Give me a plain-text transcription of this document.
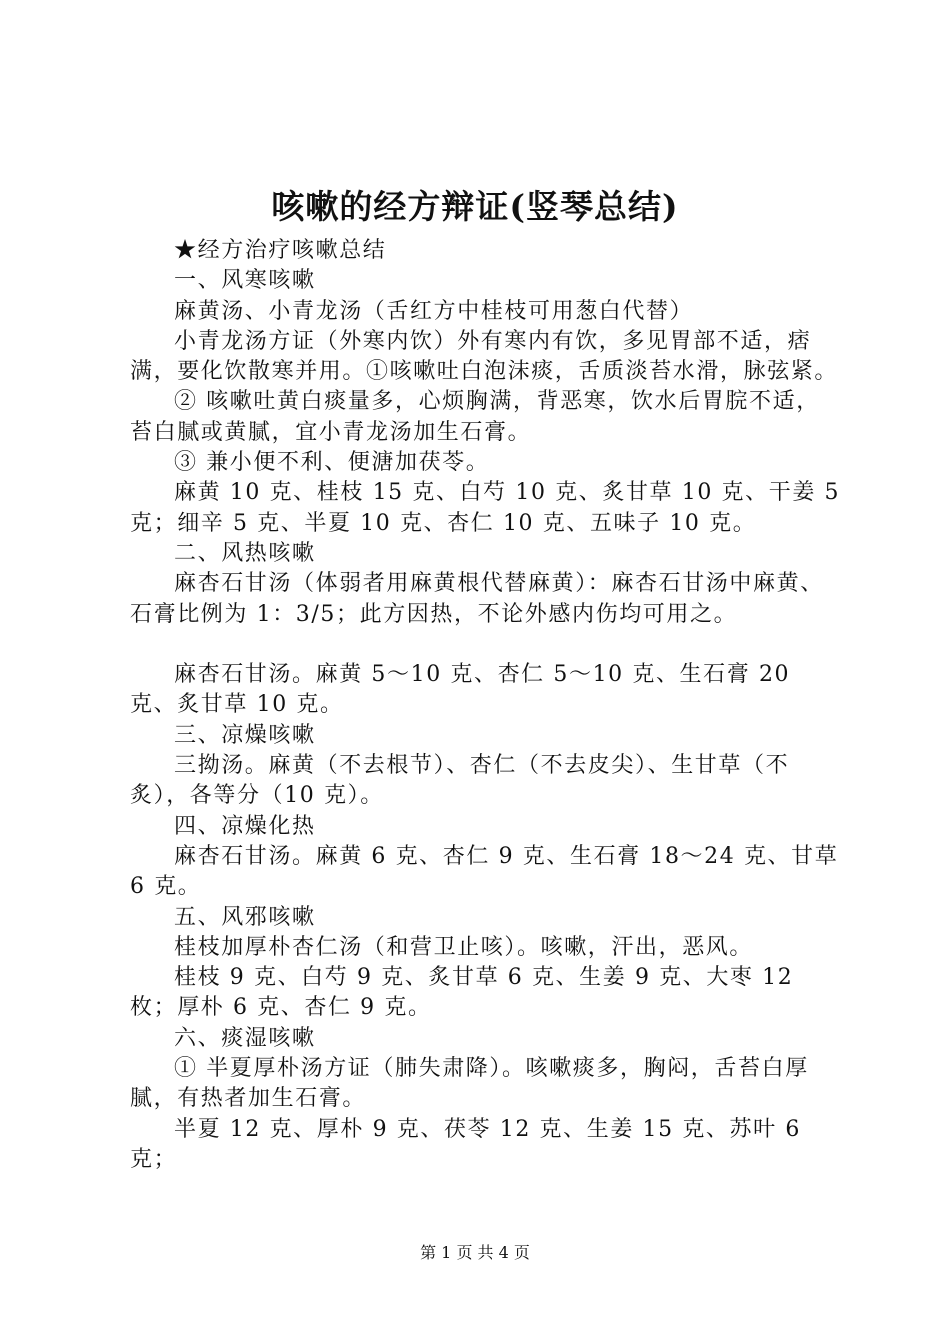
咳嗽的经方辩证(竖琴总结)

★经方治疗咳嗽总结

一、风寒咳嗽

麻黄汤、小青龙汤（舌红方中桂枝可用葱白代替）

小青龙汤方证（外寒内饮）外有寒内有饮，多见胃部不适，痞满，要化饮散寒并用。①咳嗽吐白泡沫痰，舌质淡苔水滑，脉弦紧。

② 咳嗽吐黄白痰量多，心烦胸满，背恶寒，饮水后胃脘不适，苔白腻或黄腻，宜小青龙汤加生石膏。

③ 兼小便不利、便溏加茯苓。

麻黄 10 克、桂枝 15 克、白芍 10 克、炙甘草 10 克、干姜 5 克；细辛 5 克、半夏 10 克、杏仁 10 克、五味子 10 克。

二、风热咳嗽

麻杏石甘汤（体弱者用麻黄根代替麻黄）：麻杏石甘汤中麻黄、石膏比例为 1：3/5；此方因热，不论外感内伤均可用之。

麻杏石甘汤。麻黄 5～10 克、杏仁 5～10 克、生石膏 20 克、炙甘草 10 克。

三、凉燥咳嗽

三拗汤。麻黄（不去根节）、杏仁（不去皮尖）、生甘草（不炙），各等分（10 克）。

四、凉燥化热

麻杏石甘汤。麻黄 6 克、杏仁 9 克、生石膏 18～24 克、甘草 6 克。

五、风邪咳嗽

桂枝加厚朴杏仁汤（和营卫止咳）。咳嗽，汗出，恶风。

桂枝 9 克、白芍 9 克、炙甘草 6 克、生姜 9 克、大枣 12 枚；厚朴 6 克、杏仁 9 克。

六、痰湿咳嗽

① 半夏厚朴汤方证（肺失肃降）。咳嗽痰多，胸闷，舌苔白厚腻，有热者加生石膏。

半夏 12 克、厚朴 9 克、茯苓 12 克、生姜 15 克、苏叶 6 克；

第 1 页 共 4 页
